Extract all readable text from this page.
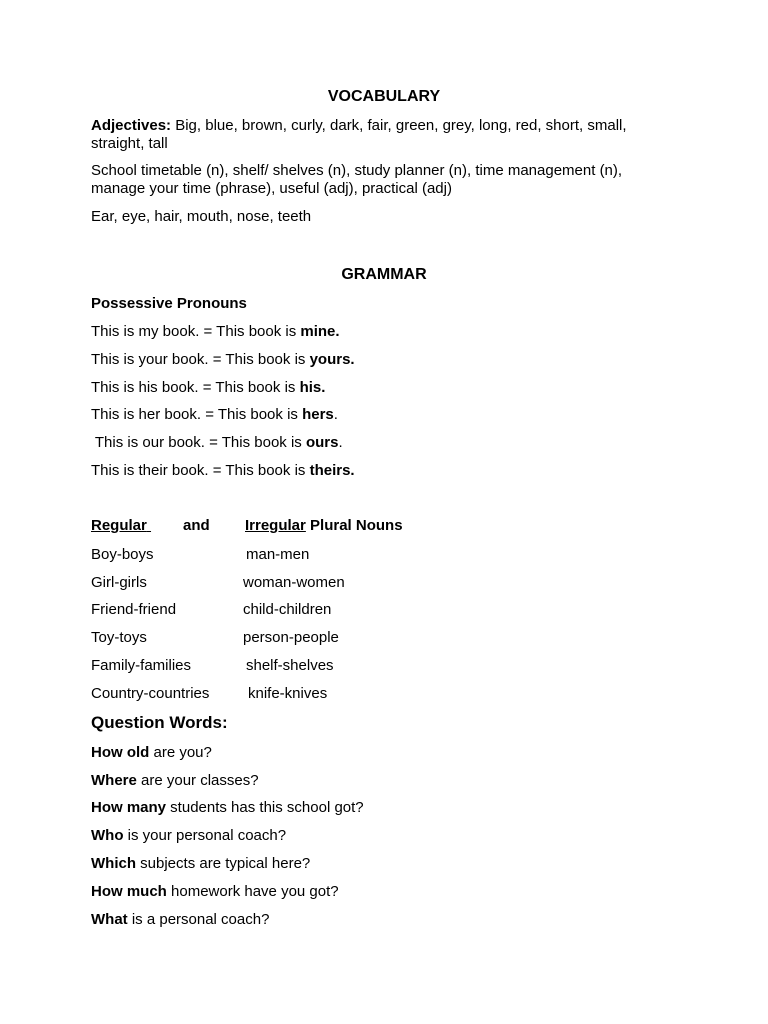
VOCABULARY
Adjectives: Big, blue, brown, curly, dark, fair, green, grey, long, red, short, small, straight, tall
School timetable (n), shelf/ shelves (n), study planner (n), time management (n), manage your time (phrase), useful (adj), practical (adj)
Ear, eye, hair, mouth, nose, teeth
GRAMMAR
Possessive Pronouns
This is my book. = This book is mine.
This is your book. = This book is yours.
This is his book. = This book is his.
This is her book. = This book is hers.
This is our book. = This book is ours.
This is their book. = This book is theirs.
Regular and Irregular Plural Nouns
Boy-boys	man-men
Girl-girls	woman-women
Friend-friend	child-children
Toy-toys	person-people
Family-families	shelf-shelves
Country-countries	knife-knives
Question Words:
How old are you?
Where are your classes?
How many students has this school got?
Who is your personal coach?
Which subjects are typical here?
How much homework have you got?
What is a personal coach?
